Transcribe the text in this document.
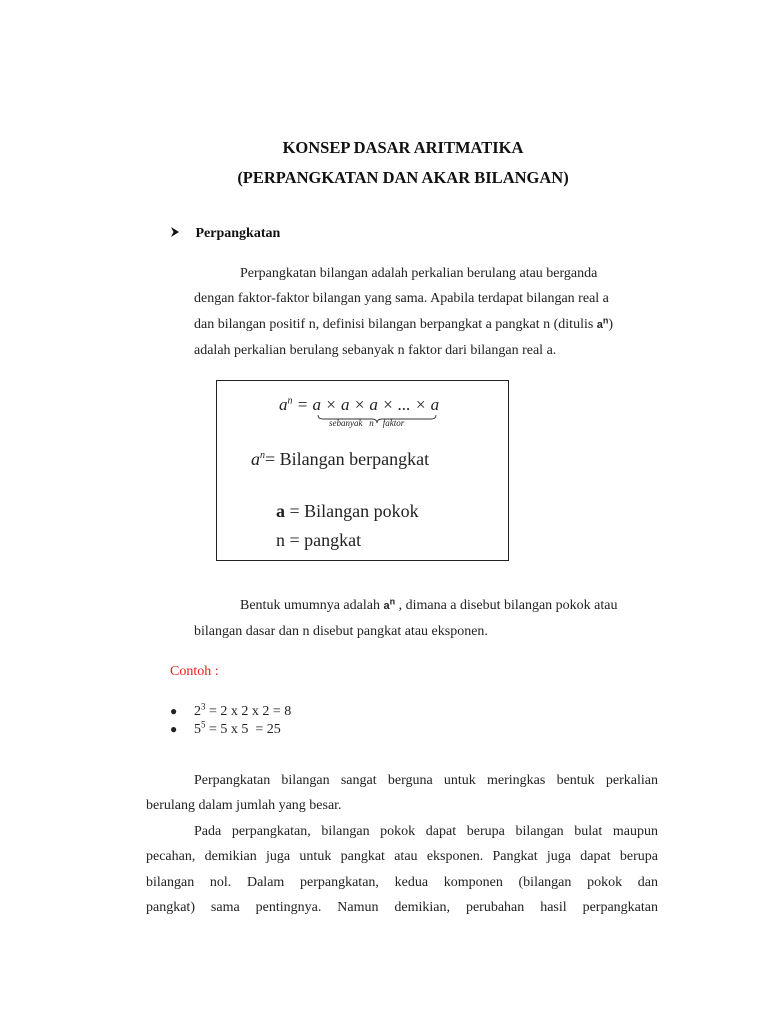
KONSEP DASAR ARITMATIKA
(PERPANGKATAN DAN AKAR BILANGAN)
Perpangkatan
Perpangkatan bilangan adalah perkalian berulang atau berganda
dengan faktor-faktor bilangan yang sama. Apabila terdapat bilangan real a
dan bilangan positif n, definisi bilangan berpangkat a pangkat n (ditulis $a^n$)
adalah perkalian berulang sebanyak n faktor dari bilangan real a.
$a^n = a \times a \times a$ × ... × a
sebanyak   n    faktor
$a^n=$ Bilangan berpangkat

a = Bilangan pokok

n = pangkat

Bentuk umumnya adalah $a^n$ , dimana a disebut bilangan pokok atau
bilangan dasar dan n disebut pangkat atau eksponen.
Contoh :
● $2^3 = 2$ x 2 x 2 = 8
● $5^5 = 5$ x 5  = 25
Perpangkatan bilangan sangat berguna untuk meringkas bentuk perkalian
berulang dalam jumlah yang besar.
Pada perpangkatan, bilangan pokok dapat berupa bilangan bulat maupun
pecahan, demikian juga untuk pangkat atau eksponen. Pangkat juga dapat berupa
bilangan nol. Dalam perpangkatan, kedua komponen (bilangan pokok dan
pangkat) sama pentingnya. Namun demikian, perubahan hasil perpangkatan
